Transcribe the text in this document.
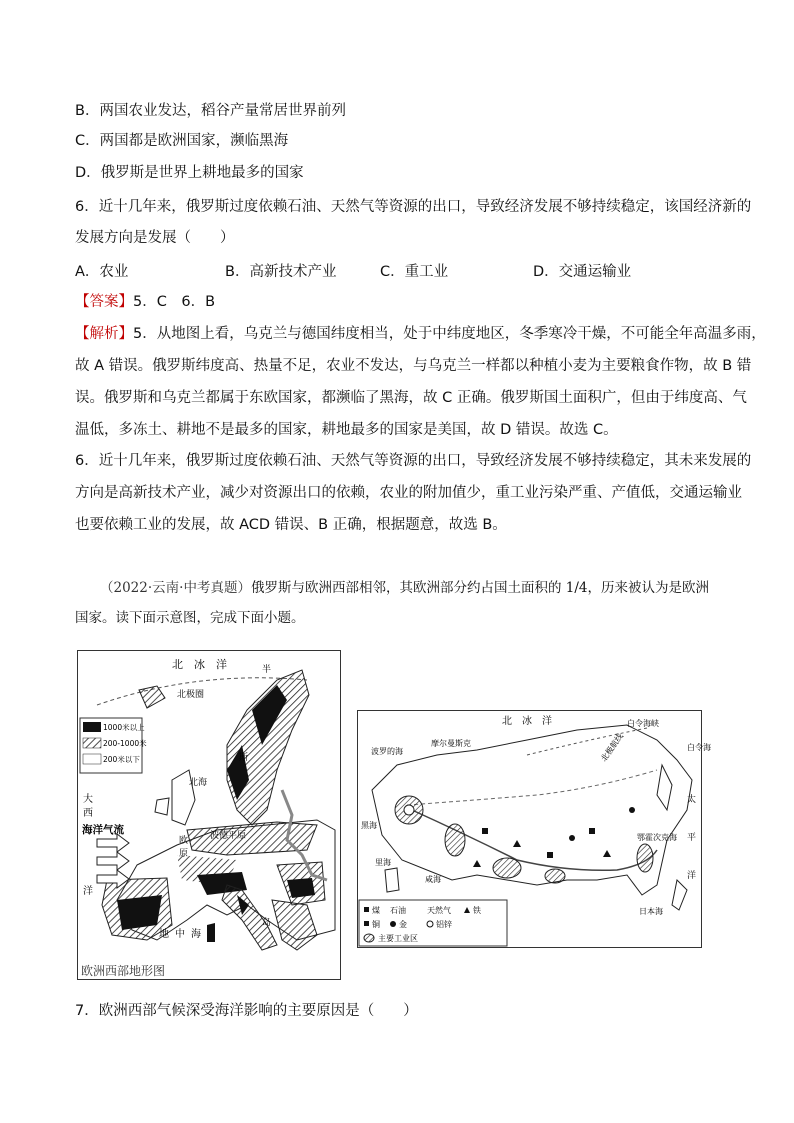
B．两国农业发达，稻谷产量常居世界前列
C．两国都是欧洲国家，濒临黑海
D．俄罗斯是世界上耕地最多的国家
6．近十几年来，俄罗斯过度依赖石油、天然气等资源的出口，导致经济发展不够持续稳定，该国经济新的
发展方向是发展（　　）
A．农业	B．高新技术产业	C．重工业	D．交通运输业
【答案】5．C　6．B
【解析】5．从地图上看，乌克兰与德国纬度相当，处于中纬度地区，冬季寒冷干燥，不可能全年高温多雨，
故 A 错误。俄罗斯纬度高、热量不足，农业不发达，与乌克兰一样都以种植小麦为主要粮食作物，故 B 错
误。俄罗斯和乌克兰都属于东欧国家，都濒临了黑海，故 C 正确。俄罗斯国土面积广，但由于纬度高、气
温低，多冻土、耕地不是最多的国家，耕地最多的国家是美国，故 D 错误。故选 C。
6．近十几年来，俄罗斯过度依赖石油、天然气等资源的出口，导致经济发展不够持续稳定，其未来发展的
方向是高新技术产业，减少对资源出口的依赖，农业的附加值少，重工业污染严重、产值低，交通运输业
也要依赖工业的发展，故 ACD 错误、B 正确，根据题意，故选 B。
（2022·云南·中考真题）俄罗斯与欧洲西部相邻，其欧洲部分约占国土面积的 1/4，历来被认为是欧洲
国家。读下面示意图，完成下面小题。
1000米以上
200-1000米
200米以下
北　冰　洋
北极圈
大
西
洋
海洋气流
北海
波德平原
地 中 海
半
岛
斯
欧
原
欧洲西部地形图
北　冰　洋	白令海峡
白令海
太
平
洋
波罗的海
摩尔曼斯克
鄂霍次克海
日本海
黑海
里海
咸海
北极航线
煤 石油	天然气	铁
铜 金	铝锌
主要工业区
7．欧洲西部气候深受海洋影响的主要原因是（　　）
